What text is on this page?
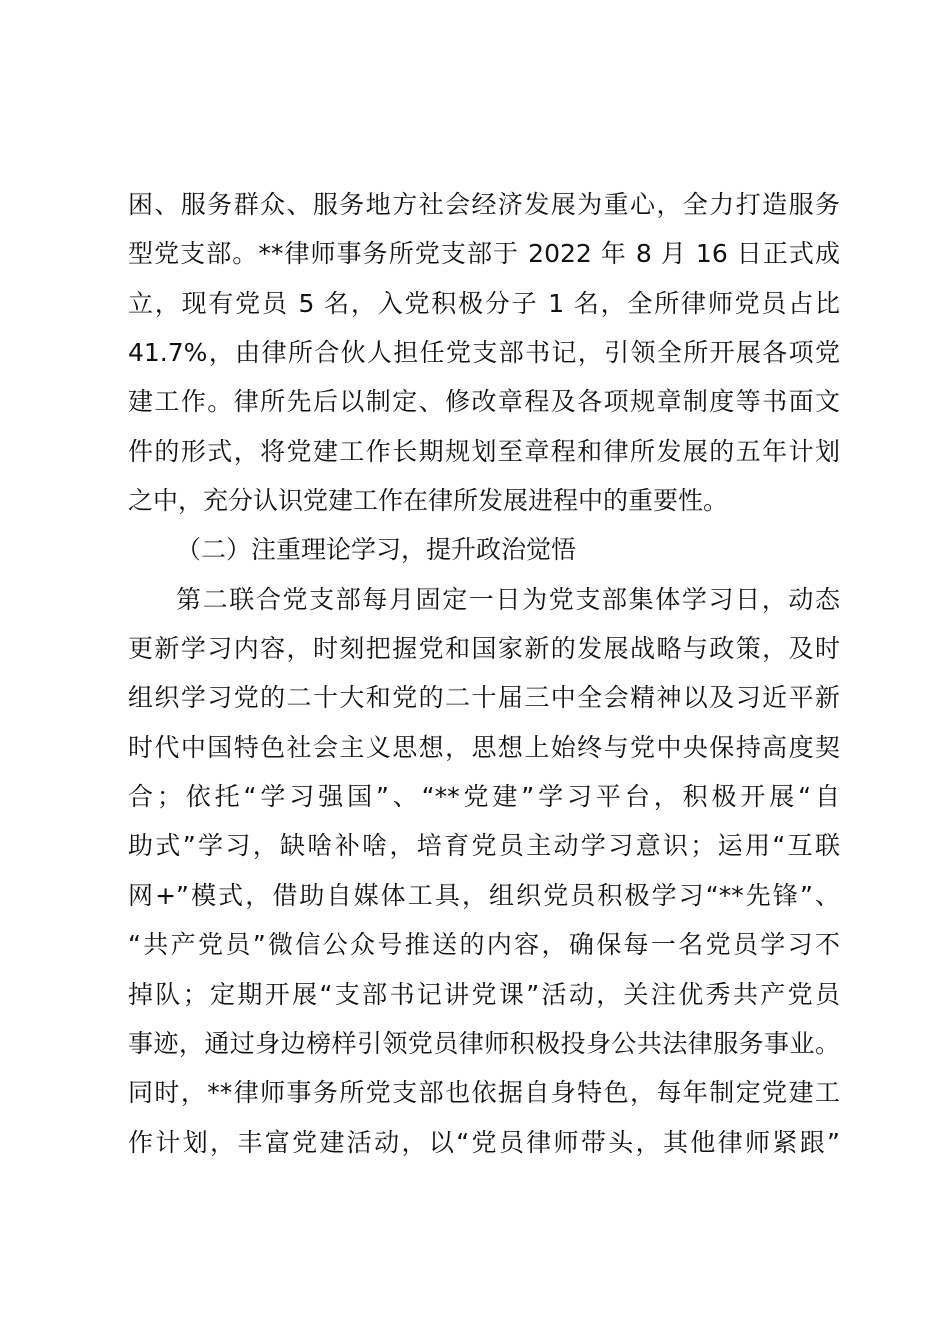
困、服务群众、服务地方社会经济发展为重心，全力打造服务
型党支部。**律师事务所党支部于 2022 年 8 月 16 日正式成
立，现有党员 5 名，入党积极分子 1 名，全所律师党员占比
41.7%，由律所合伙人担任党支部书记，引领全所开展各项党
建工作。律所先后以制定、修改章程及各项规章制度等书面文
件的形式，将党建工作长期规划至章程和律所发展的五年计划
之中，充分认识党建工作在律所发展进程中的重要性。
（二）注重理论学习，提升政治觉悟
第二联合党支部每月固定一日为党支部集体学习日，动态
更新学习内容，时刻把握党和国家新的发展战略与政策，及时
组织学习党的二十大和党的二十届三中全会精神以及习近平新
时代中国特色社会主义思想，思想上始终与党中央保持高度契
合；依托“学习强国”、“**党建”学习平台，积极开展“自
助式”学习，缺啥补啥，培育党员主动学习意识；运用“互联
网+”模式，借助自媒体工具，组织党员积极学习“**先锋”、
“共产党员”微信公众号推送的内容，确保每一名党员学习不
掉队；定期开展“支部书记讲党课”活动，关注优秀共产党员
事迹，通过身边榜样引领党员律师积极投身公共法律服务事业。
同时，**律师事务所党支部也依据自身特色，每年制定党建工
作计划，丰富党建活动，以“党员律师带头，其他律师紧跟”
